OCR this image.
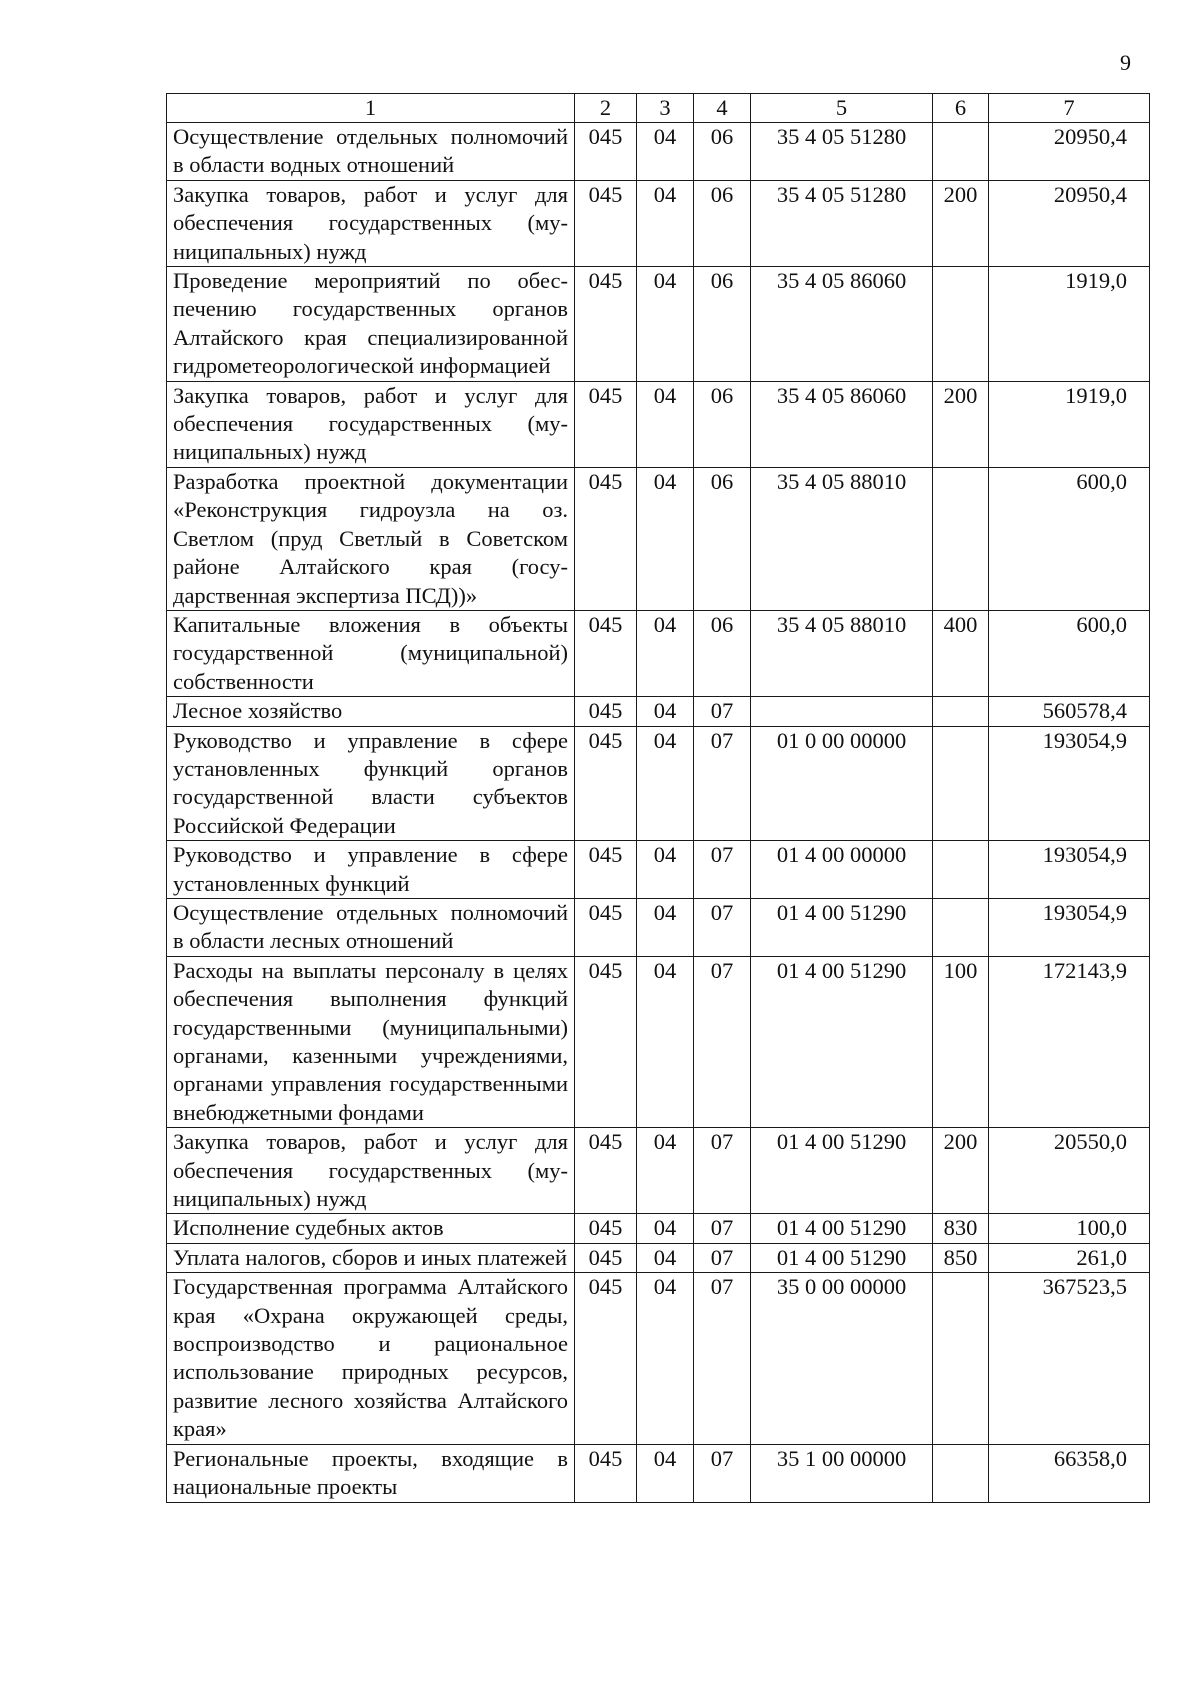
9
1	2	3	4	5	6	7
Осуществление отдельных полномочий в области водных отношений	045	04	06	35 4 05 51280		20950,4
Закупка товаров, работ и услуг для обеспечения государственных (муниципальных) нужд	045	04	06	35 4 05 51280	200	20950,4
Проведение мероприятий по обеспечению государственных органов Алтайского края специализированной гидрометеорологической информацией	045	04	06	35 4 05 86060		1919,0
Закупка товаров, работ и услуг для обеспечения государственных (муниципальных) нужд	045	04	06	35 4 05 86060	200	1919,0
Разработка проектной документации «Реконструкция гидроузла на оз. Светлом (пруд Светлый в Советском районе Алтайского края (государственная экспертиза ПСД))»	045	04	06	35 4 05 88010		600,0
Капитальные вложения в объекты государственной (муниципальной) собственности	045	04	06	35 4 05 88010	400	600,0
Лесное хозяйство	045	04	07			560578,4
Руководство и управление в сфере установленных функций органов государственной власти субъектов Российской Федерации	045	04	07	01 0 00 00000		193054,9
Руководство и управление в сфере установленных функций	045	04	07	01 4 00 00000		193054,9
Осуществление отдельных полномочий в области лесных отношений	045	04	07	01 4 00 51290		193054,9
Расходы на выплаты персоналу в целях обеспечения выполнения функций государственными (муниципальными) органами, казенными учреждениями, органами управления государственными внебюджетными фондами	045	04	07	01 4 00 51290	100	172143,9
Закупка товаров, работ и услуг для обеспечения государственных (муниципальных) нужд	045	04	07	01 4 00 51290	200	20550,0
Исполнение судебных актов	045	04	07	01 4 00 51290	830	100,0
Уплата налогов, сборов и иных платежей	045	04	07	01 4 00 51290	850	261,0
Государственная программа Алтайского края «Охрана окружающей среды, воспроизводство и рациональное использование природных ресурсов, развитие лесного хозяйства Алтайского края»	045	04	07	35 0 00 00000		367523,5
Региональные проекты, входящие в национальные проекты	045	04	07	35 1 00 00000		66358,0
